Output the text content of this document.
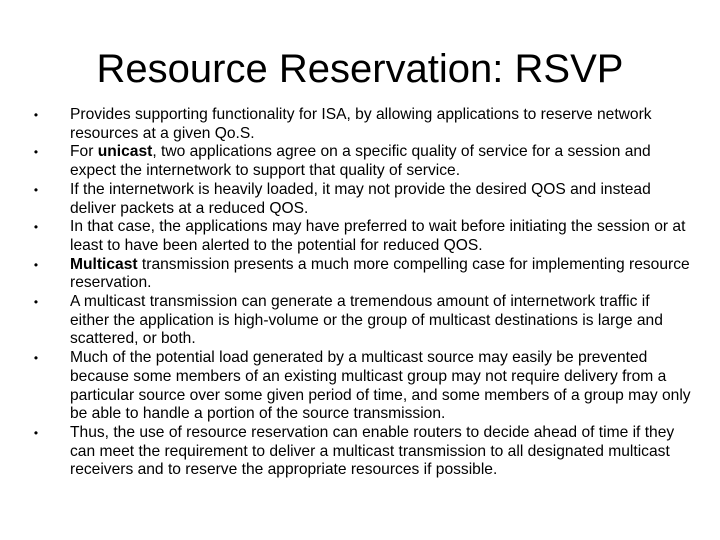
Resource Reservation: RSVP
• Provides supporting functionality for ISA, by allowing applications to reserve network resources at a given Qo.S.
• For unicast, two applications agree on a specific quality of service for a session and expect the internetwork to support that quality of service.
• If the internetwork is heavily loaded, it may not provide the desired QOS and instead deliver packets at a reduced QOS.
• In that case, the applications may have preferred to wait before initiating the session or at least to have been alerted to the potential for reduced QOS.
• Multicast transmission presents a much more compelling case for implementing resource reservation.
• A multicast transmission can generate a tremendous amount of internetwork traffic if either the application is high-volume or the group of multicast destinations is large and scattered, or both.
• Much of the potential load generated by a multicast source may easily be prevented because some members of an existing multicast group may not require delivery from a particular source over some given period of time, and some members of a group may only be able to handle a portion of the source transmission.
• Thus, the use of resource reservation can enable routers to decide ahead of time if they can meet the requirement to deliver a multicast transmission to all designated multicast receivers and to reserve the appropriate resources if possible.
